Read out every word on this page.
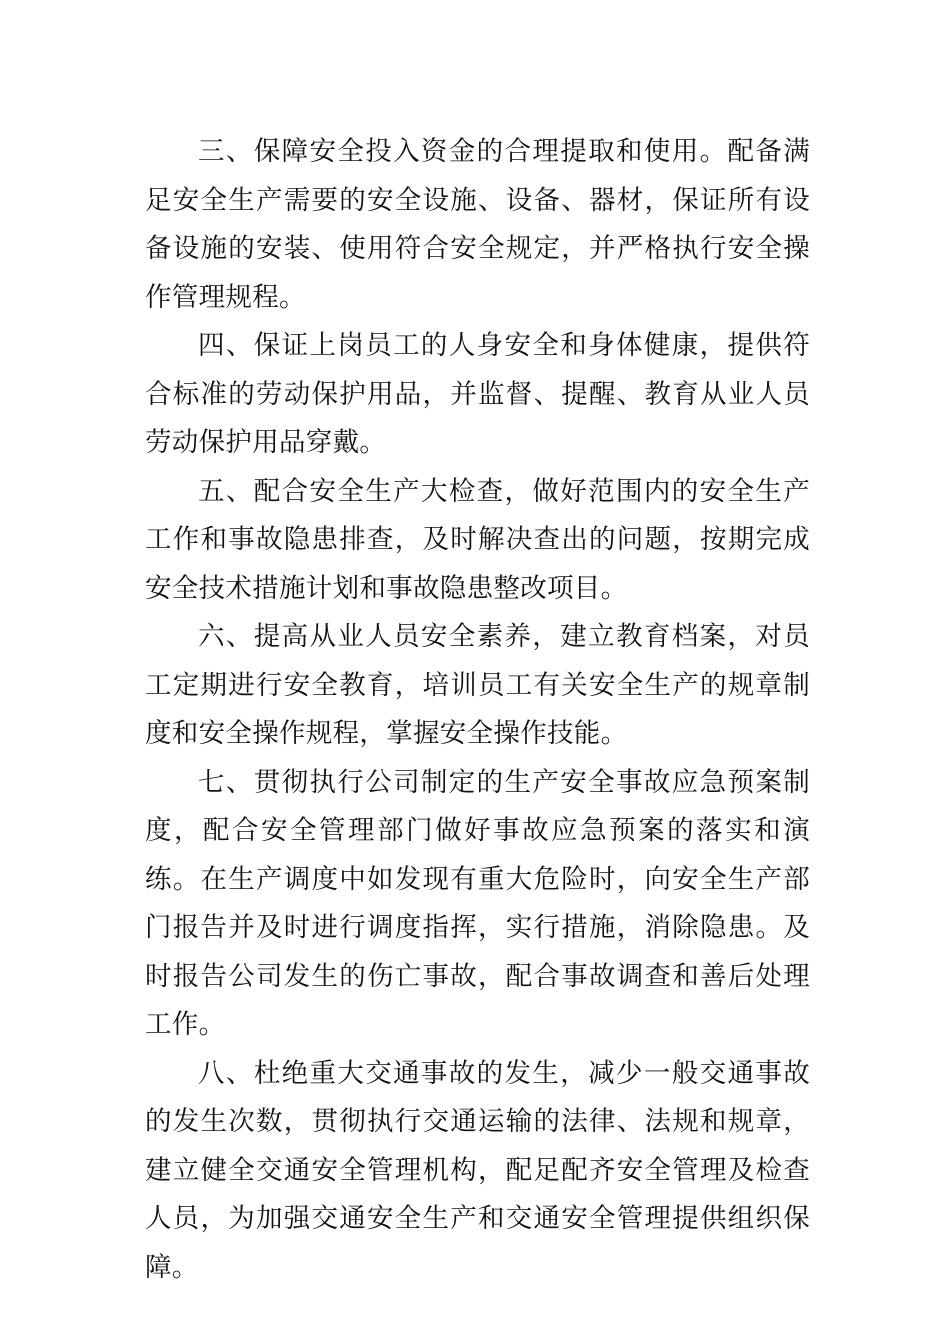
三、保障安全投入资金的合理提取和使用。配备满足安全生产需要的安全设施、设备、器材，保证所有设备设施的安装、使用符合安全规定，并严格执行安全操作管理规程。

四、保证上岗员工的人身安全和身体健康，提供符合标准的劳动保护用品，并监督、提醒、教育从业人员劳动保护用品穿戴。

五、配合安全生产大检查，做好范围内的安全生产工作和事故隐患排查，及时解决查出的问题，按期完成安全技术措施计划和事故隐患整改项目。

六、提高从业人员安全素养，建立教育档案，对员工定期进行安全教育，培训员工有关安全生产的规章制度和安全操作规程，掌握安全操作技能。

七、贯彻执行公司制定的生产安全事故应急预案制度，配合安全管理部门做好事故应急预案的落实和演练。在生产调度中如发现有重大危险时，向安全生产部门报告并及时进行调度指挥，实行措施，消除隐患。及时报告公司发生的伤亡事故，配合事故调查和善后处理工作。

八、杜绝重大交通事故的发生，减少一般交通事故的发生次数，贯彻执行交通运输的法律、法规和规章，建立健全交通安全管理机构，配足配齐安全管理及检查人员，为加强交通安全生产和交通安全管理提供组织保障。
